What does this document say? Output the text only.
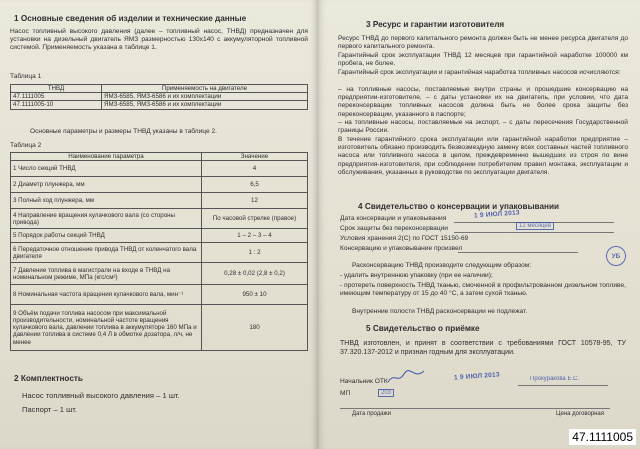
1 Основные сведения об изделии и технические данные
Насос топливный высокого давления (далее – топливный насос, ТНВД) предназначен для установки на дизельный двигатель ЯМЗ размерностью 130х140 с аккумуляторной топливной системой. Применяемость указана в таблице 1.
Таблица 1
ТНВД	Применяемость на двигателе
47.1111005	ЯМЗ-6585, ЯМЗ-6586 и их комплектации
47.1111005-10	ЯМЗ-6585, ЯМЗ-6586 и их комплектации
Основные параметры и размеры ТНВД указаны в таблице 2.
Таблица 2
Наименование параметра	Значение
1 Число секций ТНВД	4
2 Диаметр плунжера, мм	6,5
3 Полный ход плунжера, мм	12
4 Направление вращения кулачкового вала (со стороны привода)	По часовой стрелке (правое)
5 Порядок работы секций ТНВД	1 – 2 – 3 – 4
6 Передаточное отношение привода ТНВД от коленчатого вала двигателя	1 : 2
7 Давление топлива в магистрали на входе в ТНВД на номинальном режиме, МПа (кгс/см²)	0,28 ± 0,02 (2,8 ± 0,2)
8 Номинальная частота вращения кулачкового вала, мин⁻¹	950 ± 10
9 Объём подачи топлива насосом при максимальной производительности, номинальной частоте вращения кулачкового вала, давлении топлива в аккумуляторе 160 МПа и давлении топлива в системе 0,4 Л в обмотке дозатора, л/ч, не менее	180
2 Комплектность
Насос топливный высокого давления – 1 шт.
Паспорт – 1 шт.
3 Ресурс и гарантии изготовителя
Ресурс ТНВД до первого капитального ремонта должен быть не менее ресурса двигателя до первого капитального ремонта.
Гарантийный срок эксплуатации ТНВД 12 месяцев при гарантийной наработке 100000 км пробега, не более.
Гарантийный срок эксплуатации и гарантийная наработка топливных насосов исчисляются:
– на топливные насосы, поставляемые внутри страны и прошедшие консервацию на предприятии-изготовителе, – с даты установки их на двигатель, при условии, что дата переконсервации топливных насосов должна быть не более срока защиты без переконсервации, указанного в паспорте;
– на топливные насосы, поставляемые на экспорт, – с даты пересечения Государственной границы России.
В течение гарантийного срока эксплуатации или гарантийной наработки предприятие – изготовитель обязано производить безвозмездную замену всех составных частей топливного насоса или топливного насоса в целом, преждевременно вышедших из строя по вине предприятия-изготовителя, при соблюдении потребителем правил монтажа, эксплуатации и обслуживания, указанных в руководстве по эксплуатации двигателя.
4 Свидетельство о консервации и упаковывании
Дата консервации и упаковывания	1 9 ИЮЛ 2013
Срок защиты без переконсервации	12 месяцев
Условия хранения 2(С) по ГОСТ 15150-69
Консервацию и упаковывание произвел
УБ
Расконсервацию ТНВД производите следующим образом:
- удалить внутреннюю упаковку (при ее наличии);
- протереть поверхность ТНВД тканью, смоченной в профильтрованном дизельном топливе, имеющим температуру от 15 до 40 °С, а затем сухой тканью.
Внутренние полости ТНВД расконсервации не подлежат.
5 Свидетельство о приёмке
ТНВД изготовлен, и принят в соответствии с требованиями ГОСТ 10578-95, ТУ 37.320.137-2012 и признан годным для эксплуатации.
Начальник ОТК	1 9 ИЮЛ 2013	Прокуракова Е.С.
МП	203
Дата продажи	Цена договорная
47.1111005
